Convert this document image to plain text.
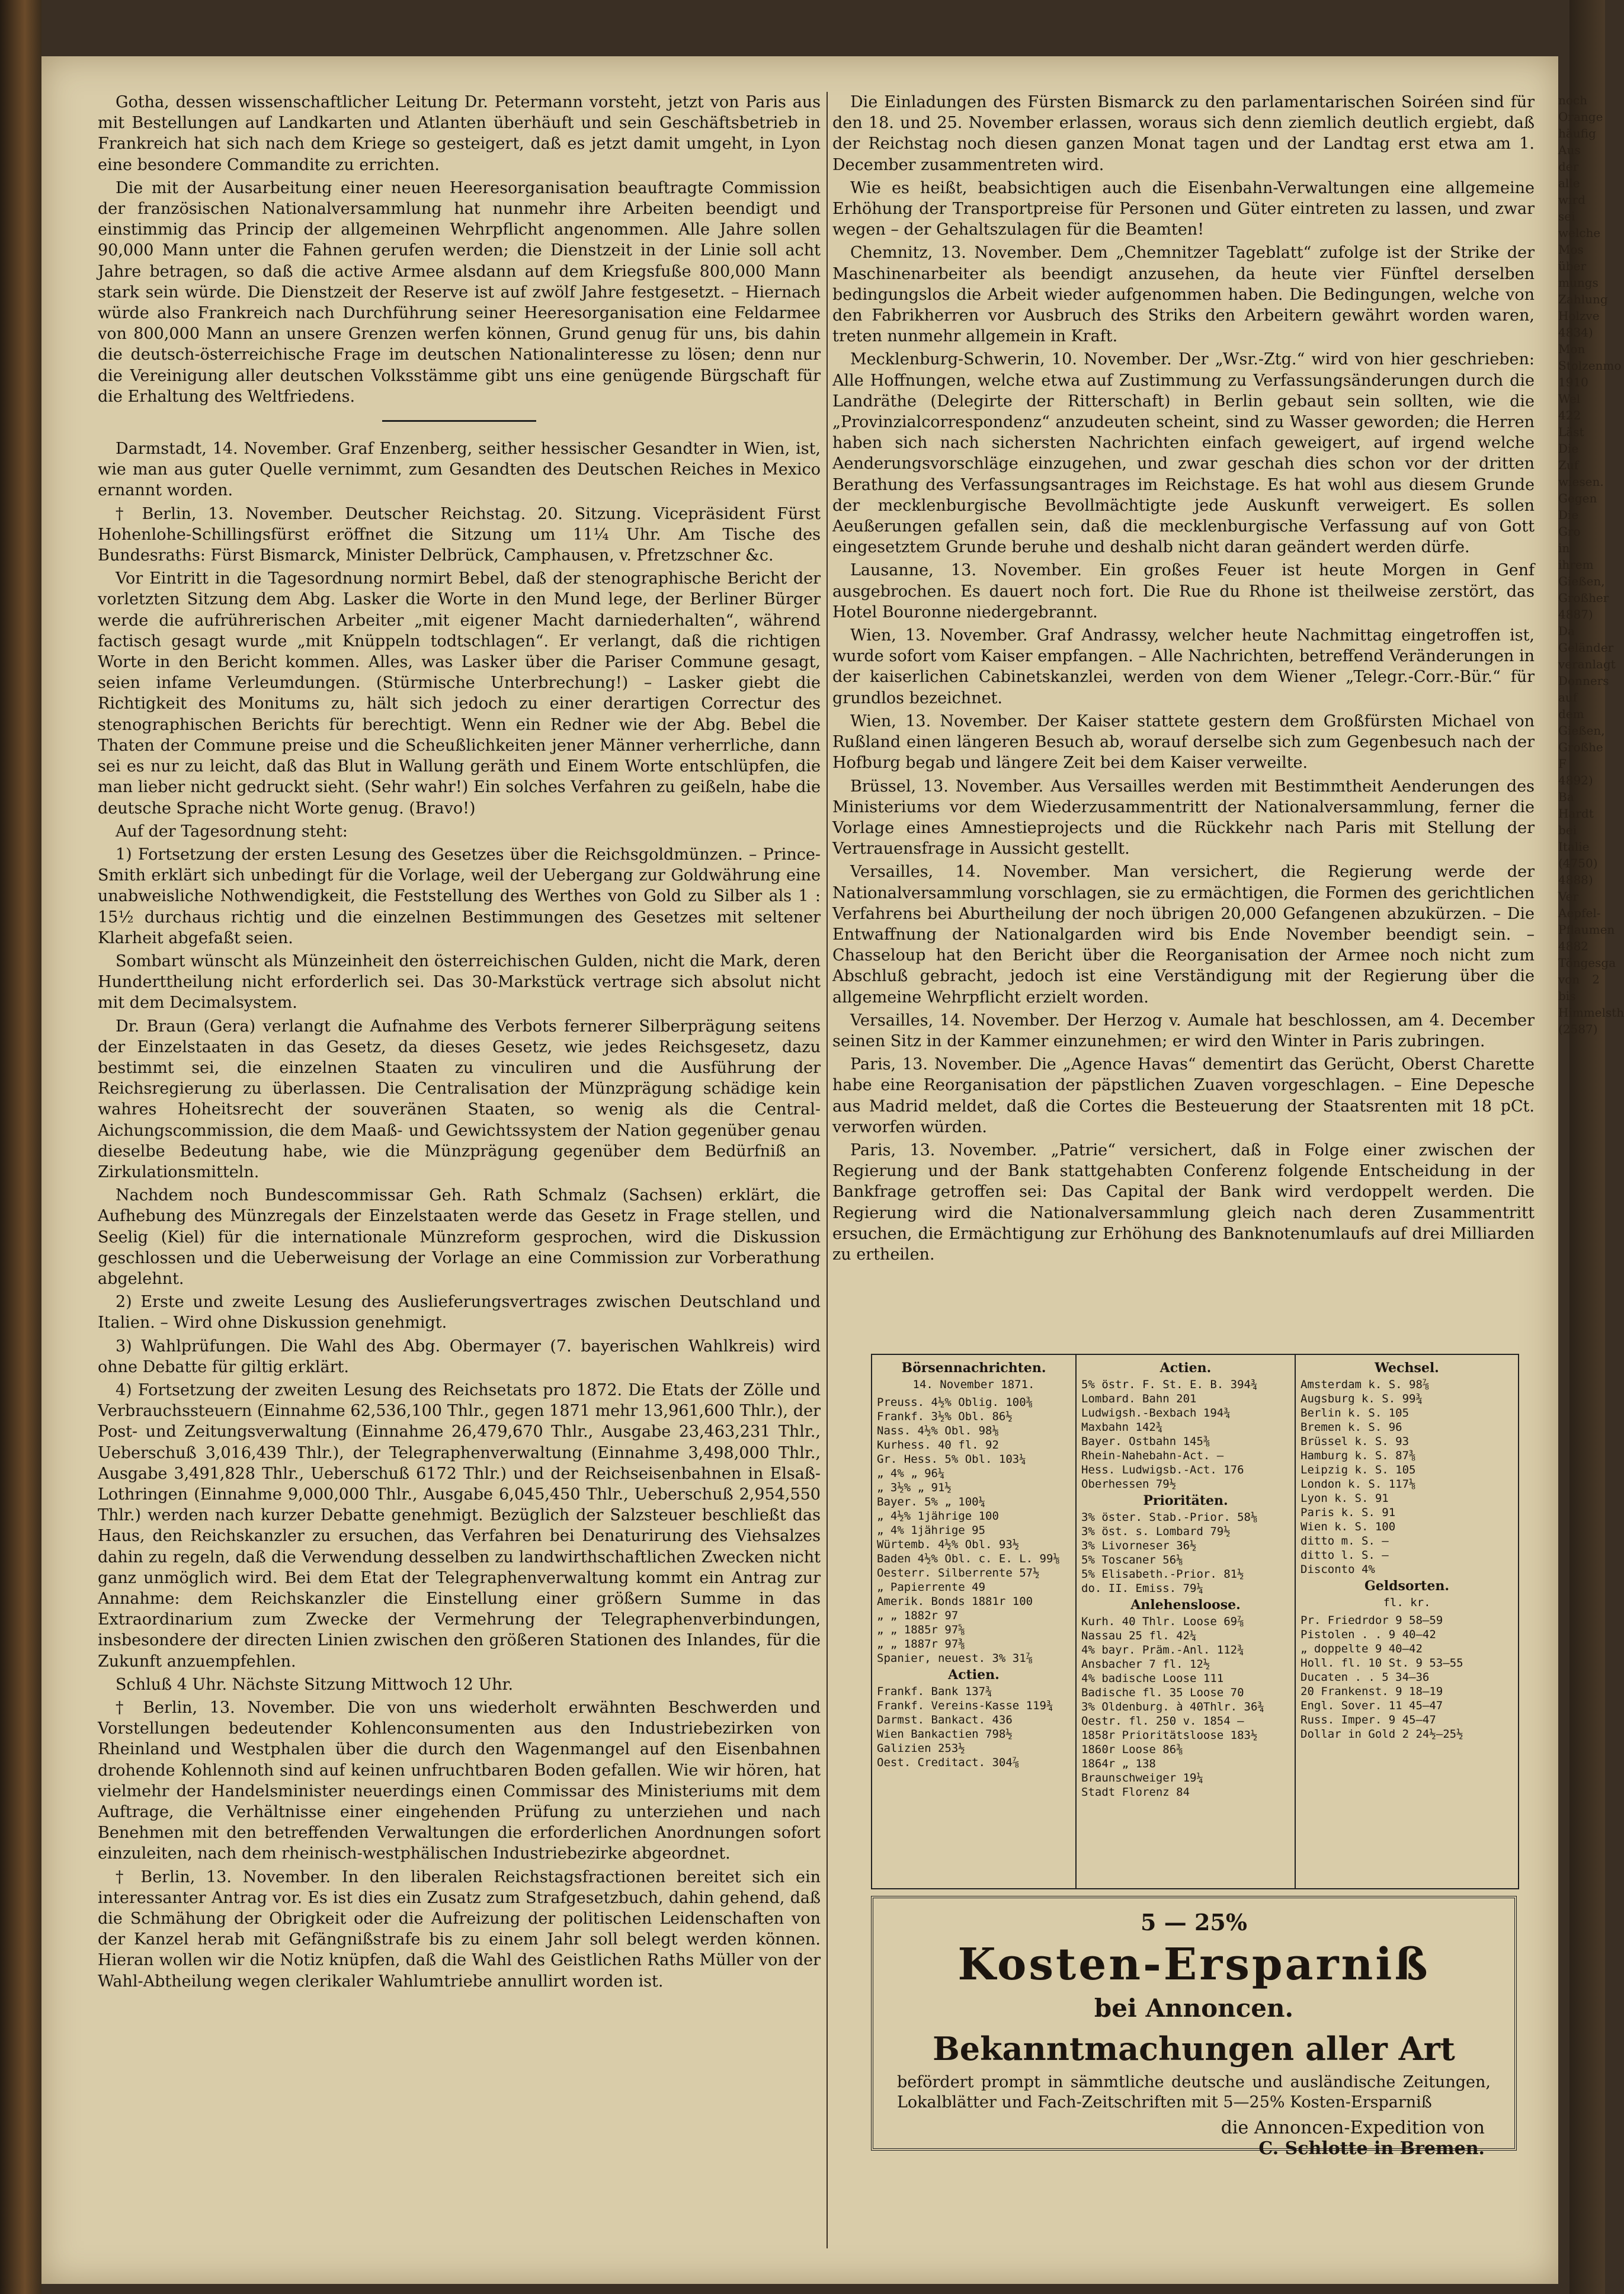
Gotha, dessen wissenschaftlicher Leitung Dr. Petermann vorsteht, jetzt von Paris aus mit Bestellungen auf Landkarten und Atlanten überhäuft und sein Geschäftsbetrieb in Frankreich hat sich nach dem Kriege so gesteigert, daß es jetzt damit umgeht, in Lyon eine besondere Commandite zu errichten.

Die mit der Ausarbeitung einer neuen Heeresorganisation beauftragte Commission der französischen Nationalversammlung hat nunmehr ihre Arbeiten beendigt und einstimmig das Princip der allgemeinen Wehrpflicht angenommen. Alle Jahre sollen 90,000 Mann unter die Fahnen gerufen werden; die Dienstzeit in der Linie soll acht Jahre betragen, so daß die active Armee alsdann auf dem Kriegsfuße 800,000 Mann stark sein würde. Die Dienstzeit der Reserve ist auf zwölf Jahre festgesetzt. – Hiernach würde also Frankreich nach Durchführung seiner Heeresorganisation eine Feldarmee von 800,000 Mann an unsere Grenzen werfen können, Grund genug für uns, bis dahin die deutsch-österreichische Frage im deutschen Nationalinteresse zu lösen; denn nur die Vereinigung aller deutschen Volksstämme gibt uns eine genügende Bürgschaft für die Erhaltung des Weltfriedens.

Darmstadt, 14. November. Graf Enzenberg, seither hessischer Gesandter in Wien, ist, wie man aus guter Quelle vernimmt, zum Gesandten des Deutschen Reiches in Mexico ernannt worden.

† Berlin, 13. November. Deutscher Reichstag. 20. Sitzung. Vicepräsident Fürst Hohenlohe-Schillingsfürst eröffnet die Sitzung um 11¼ Uhr. Am Tische des Bundesraths: Fürst Bismarck, Minister Delbrück, Camphausen, v. Pfretzschner &c.

Vor Eintritt in die Tagesordnung normirt Bebel, daß der stenographische Bericht der vorletzten Sitzung dem Abg. Lasker die Worte in den Mund lege, der Berliner Bürger werde die aufrührerischen Arbeiter „mit eigener Macht darniederhalten“, während factisch gesagt wurde „mit Knüppeln todtschlagen“. Er verlangt, daß die richtigen Worte in den Bericht kommen. Alles, was Lasker über die Pariser Commune gesagt, seien infame Verleumdungen. (Stürmische Unterbrechung!) – Lasker giebt die Richtigkeit des Monitums zu, hält sich jedoch zu einer derartigen Correctur des stenographischen Berichts für berechtigt. Wenn ein Redner wie der Abg. Bebel die Thaten der Commune preise und die Scheußlichkeiten jener Männer verherrliche, dann sei es nur zu leicht, daß das Blut in Wallung geräth und Einem Worte entschlüpfen, die man lieber nicht gedruckt sieht. (Sehr wahr!) Ein solches Verfahren zu geißeln, habe die deutsche Sprache nicht Worte genug. (Bravo!)

Auf der Tagesordnung steht:

1) Fortsetzung der ersten Lesung des Gesetzes über die Reichsgoldmünzen. – Prince-Smith erklärt sich unbedingt für die Vorlage, weil der Uebergang zur Goldwährung eine unabweisliche Nothwendigkeit, die Feststellung des Werthes von Gold zu Silber als 1 : 15½ durchaus richtig und die einzelnen Bestimmungen des Gesetzes mit seltener Klarheit abgefaßt seien.

Sombart wünscht als Münzeinheit den österreichischen Gulden, nicht die Mark, deren Hunderttheilung nicht erforderlich sei. Das 30-Markstück vertrage sich absolut nicht mit dem Decimalsystem.

Dr. Braun (Gera) verlangt die Aufnahme des Verbots fernerer Silberprägung seitens der Einzelstaaten in das Gesetz, da dieses Gesetz, wie jedes Reichsgesetz, dazu bestimmt sei, die einzelnen Staaten zu vinculiren und die Ausführung der Reichsregierung zu überlassen. Die Centralisation der Münzprägung schädige kein wahres Hoheitsrecht der souveränen Staaten, so wenig als die Central-Aichungscommission, die dem Maaß- und Gewichtssystem der Nation gegenüber genau dieselbe Bedeutung habe, wie die Münzprägung gegenüber dem Bedürfniß an Zirkulationsmitteln.

Nachdem noch Bundescommissar Geh. Rath Schmalz (Sachsen) erklärt, die Aufhebung des Münzregals der Einzelstaaten werde das Gesetz in Frage stellen, und Seelig (Kiel) für die internationale Münzreform gesprochen, wird die Diskussion geschlossen und die Ueberweisung der Vorlage an eine Commission zur Vorberathung abgelehnt.

2) Erste und zweite Lesung des Auslieferungsvertrages zwischen Deutschland und Italien. – Wird ohne Diskussion genehmigt.

3) Wahlprüfungen. Die Wahl des Abg. Obermayer (7. bayerischen Wahlkreis) wird ohne Debatte für giltig erklärt.

4) Fortsetzung der zweiten Lesung des Reichsetats pro 1872. Die Etats der Zölle und Verbrauchssteuern (Einnahme 62,536,100 Thlr., gegen 1871 mehr 13,961,600 Thlr.), der Post- und Zeitungsverwaltung (Einnahme 26,479,670 Thlr., Ausgabe 23,463,231 Thlr., Ueberschuß 3,016,439 Thlr.), der Telegraphenverwaltung (Einnahme 3,498,000 Thlr., Ausgabe 3,491,828 Thlr., Ueberschuß 6172 Thlr.) und der Reichseisenbahnen in Elsaß-Lothringen (Einnahme 9,000,000 Thlr., Ausgabe 6,045,450 Thlr., Ueberschuß 2,954,550 Thlr.) werden nach kurzer Debatte genehmigt. Bezüglich der Salzsteuer beschließt das Haus, den Reichskanzler zu ersuchen, das Verfahren bei Denaturirung des Viehsalzes dahin zu regeln, daß die Verwendung desselben zu landwirthschaftlichen Zwecken nicht ganz unmöglich wird. Bei dem Etat der Telegraphenverwaltung kommt ein Antrag zur Annahme: dem Reichskanzler die Einstellung einer größern Summe in das Extraordinarium zum Zwecke der Vermehrung der Telegraphenverbindungen, insbesondere der directen Linien zwischen den größeren Stationen des Inlandes, für die Zukunft anzuempfehlen.

Schluß 4 Uhr. Nächste Sitzung Mittwoch 12 Uhr.

† Berlin, 13. November. Die von uns wiederholt erwähnten Beschwerden und Vorstellungen bedeutender Kohlenconsumenten aus den Industriebezirken von Rheinland und Westphalen über die durch den Wagenmangel auf den Eisenbahnen drohende Kohlennoth sind auf keinen unfruchtbaren Boden gefallen. Wie wir hören, hat vielmehr der Handelsminister neuerdings einen Commissar des Ministeriums mit dem Auftrage, die Verhältnisse einer eingehenden Prüfung zu unterziehen und nach Benehmen mit den betreffenden Verwaltungen die erforderlichen Anordnungen sofort einzuleiten, nach dem rheinisch-westphälischen Industriebezirke abgeordnet.

† Berlin, 13. November. In den liberalen Reichstagsfractionen bereitet sich ein interessanter Antrag vor. Es ist dies ein Zusatz zum Strafgesetzbuch, dahin gehend, daß die Schmähung der Obrigkeit oder die Aufreizung der politischen Leidenschaften von der Kanzel herab mit Gefängnißstrafe bis zu einem Jahr soll belegt werden können. Hieran wollen wir die Notiz knüpfen, daß die Wahl des Geistlichen Raths Müller von der Wahl-Abtheilung wegen clerikaler Wahlumtriebe annullirt worden ist.

Die Einladungen des Fürsten Bismarck zu den parlamentarischen Soiréen sind für den 18. und 25. November erlassen, woraus sich denn ziemlich deutlich ergiebt, daß der Reichstag noch diesen ganzen Monat tagen und der Landtag erst etwa am 1. December zusammentreten wird.

Wie es heißt, beabsichtigen auch die Eisenbahn-Verwaltungen eine allgemeine Erhöhung der Transportpreise für Personen und Güter eintreten zu lassen, und zwar wegen – der Gehaltszulagen für die Beamten!

Chemnitz, 13. November. Dem „Chemnitzer Tageblatt“ zufolge ist der Strike der Maschinenarbeiter als beendigt anzusehen, da heute vier Fünftel derselben bedingungslos die Arbeit wieder aufgenommen haben. Die Bedingungen, welche von den Fabrikherren vor Ausbruch des Striks den Arbeitern gewährt worden waren, treten nunmehr allgemein in Kraft.

Mecklenburg-Schwerin, 10. November. Der „Wsr.-Ztg.“ wird von hier geschrieben: Alle Hoffnungen, welche etwa auf Zustimmung zu Verfassungsänderungen durch die Landräthe (Delegirte der Ritterschaft) in Berlin gebaut sein sollten, wie die „Provinzialcorrespondenz“ anzudeuten scheint, sind zu Wasser geworden; die Herren haben sich nach sichersten Nachrichten einfach geweigert, auf irgend welche Aenderungsvorschläge einzugehen, und zwar geschah dies schon vor der dritten Berathung des Verfassungsantrages im Reichstage. Es hat wohl aus diesem Grunde der mecklenburgische Bevollmächtigte jede Auskunft verweigert. Es sollen Aeußerungen gefallen sein, daß die mecklenburgische Verfassung auf von Gott eingesetztem Grunde beruhe und deshalb nicht daran geändert werden dürfe.

Lausanne, 13. November. Ein großes Feuer ist heute Morgen in Genf ausgebrochen. Es dauert noch fort. Die Rue du Rhone ist theilweise zerstört, das Hotel Bouronne niedergebrannt.

Wien, 13. November. Graf Andrassy, welcher heute Nachmittag eingetroffen ist, wurde sofort vom Kaiser empfangen. – Alle Nachrichten, betreffend Veränderungen in der kaiserlichen Cabinetskanzlei, werden von dem Wiener „Telegr.-Corr.-Bür.“ für grundlos bezeichnet.

Wien, 13. November. Der Kaiser stattete gestern dem Großfürsten Michael von Rußland einen längeren Besuch ab, worauf derselbe sich zum Gegenbesuch nach der Hofburg begab und längere Zeit bei dem Kaiser verweilte.

Brüssel, 13. November. Aus Versailles werden mit Bestimmtheit Aenderungen des Ministeriums vor dem Wiederzusammentritt der Nationalversammlung, ferner die Vorlage eines Amnestieprojects und die Rückkehr nach Paris mit Stellung der Vertrauensfrage in Aussicht gestellt.

Versailles, 14. November. Man versichert, die Regierung werde der Nationalversammlung vorschlagen, sie zu ermächtigen, die Formen des gerichtlichen Verfahrens bei Aburtheilung der noch übrigen 20,000 Gefangenen abzukürzen. – Die Entwaffnung der Nationalgarden wird bis Ende November beendigt sein. – Chasseloup hat den Bericht über die Reorganisation der Armee noch nicht zum Abschluß gebracht, jedoch ist eine Verständigung mit der Regierung über die allgemeine Wehrpflicht erzielt worden.

Versailles, 14. November. Der Herzog v. Aumale hat beschlossen, am 4. December seinen Sitz in der Kammer einzunehmen; er wird den Winter in Paris zubringen.

Paris, 13. November. Die „Agence Havas“ dementirt das Gerücht, Oberst Charette habe eine Reorganisation der päpstlichen Zuaven vorgeschlagen. – Eine Depesche aus Madrid meldet, daß die Cortes die Besteuerung der Staatsrenten mit 18 pCt. verworfen würden.

Paris, 13. November. „Patrie“ versichert, daß in Folge einer zwischen der Regierung und der Bank stattgehabten Conferenz folgende Entscheidung in der Bankfrage getroffen sei: Das Capital der Bank wird verdoppelt werden. Die Regierung wird die Nationalversammlung gleich nach deren Zusammentritt ersuchen, die Ermächtigung zur Erhöhung des Banknotenumlaufs auf drei Milliarden zu ertheilen.

noch
Orange
häufig
Aus
der alle
wird sei
welche
Mos
über
mungs
Zahlung
Holzve
4834) Mon
Stolzenmo
1910 Wel
422 Läst
Die Zuf
wiesen.
Gegen
Die Gro
in ihrem
Gießen,
Großher
4887) Da
Geländer
veranlagt
Donners
auf dem
Gießen,
Großhe
F
4892) Ba
Hardt bei
Italie
(4750)
4888) Ver
Aepfel-
Pflaumen
4882
Töngesga
von 2 bis
Himmelsth
(2587)
Börsennachrichten.
14. November 1871.
Preuss. 4½% Oblig. 100⅜
Frankf. 3½% Obl. 86½
Nass. 4½% Obl. 98⅛
Kurhess. 40 fl. 92
Gr. Hess. 5% Obl. 103¼
„ 4% „ 96¼
„ 3½% „ 91½
Bayer. 5% „ 100¼
„ 4½% 1jährige 100
„ 4% 1jährige 95
Würtemb. 4½% Obl. 93½
Baden 4½% Obl. c. E. L. 99⅛
Oesterr. Silberrente 57½
„ Papierrente 49
Amerik. Bonds 1881r 100
„ „ 1882r 97
„ „ 1885r 97⅝
„ „ 1887r 97⅜
Spanier, neuest. 3% 31⅞
Actien.
Frankf. Bank 137¾
Frankf. Vereins-Kasse 119¾
Darmst. Bankact. 436
Wien Bankactien 798½
Galizien 253½
Oest. Creditact. 304⅞
Actien.
5% östr. F. St. E. B. 394¾
Lombard. Bahn 201
Ludwigsh.-Bexbach 194¾
Maxbahn 142¾
Bayer. Ostbahn 145⅜
Rhein-Nahebahn-Act. —
Hess. Ludwigsb.-Act. 176
Oberhessen 79½
Prioritäten.
3% öster. Stab.-Prior. 58⅛
3% öst. s. Lombard 79½
3% Livorneser 36½
5% Toscaner 56⅛
5% Elisabeth.-Prior. 81½
do. II. Emiss. 79¼
Anlehensloose.
Kurh. 40 Thlr. Loose 69⅞
Nassau 25 fl. 42¼
4% bayr. Präm.-Anl. 112¾
Ansbacher 7 fl. 12½
4% badische Loose 111
Badische fl. 35 Loose 70
3% Oldenburg. à 40Thlr. 36¾
Oestr. fl. 250 v. 1854 —
1858r Prioritätsloose 183½
1860r Loose 86⅜
1864r „ 138
Braunschweiger 19¼
Stadt Florenz 84
Wechsel.
Amsterdam k. S. 98⅞
Augsburg k. S. 99¾
Berlin k. S. 105
Bremen k. S. 96
Brüssel k. S. 93
Hamburg k. S. 87⅜
Leipzig k. S. 105
London k. S. 117⅛
Lyon k. S. 91
Paris k. S. 91
Wien k. S. 100
ditto m. S. —
ditto l. S. —
Disconto 4%
Geldsorten.
fl. kr.
Pr. Friedrdor 9 58—59
Pistolen . . 9 40—42
„ doppelte 9 40—42
Holl. fl. 10 St. 9 53—55
Ducaten . . 5 34—36
20 Frankenst. 9 18—19
Engl. Sover. 11 45—47
Russ. Imper. 9 45—47
Dollar in Gold 2 24½—25½
5 — 25%
Kosten-Ersparniß
bei Annoncen.
Bekanntmachungen aller Art
befördert prompt in sämmtliche deutsche und ausländische Zeitungen, Lokalblätter und Fach-Zeitschriften mit 5—25% Kosten-Ersparniß
die Annoncen-Expedition von
C. Schlotte in Bremen.
